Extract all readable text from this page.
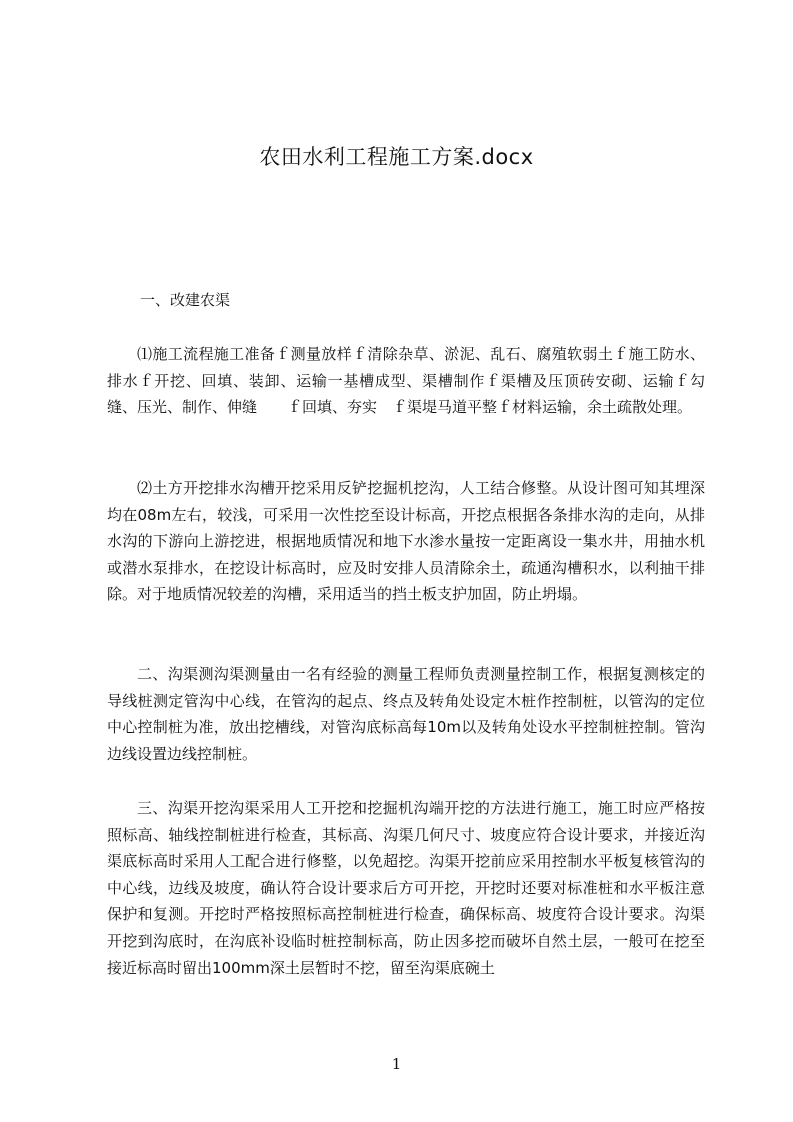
农田水利工程施工方案.docx
一、改建农渠

⑴施工流程施工准备ｆ测量放样ｆ清除杂草、淤泥、乱石、腐殖软弱土ｆ施工防水、排水ｆ开挖、回填、装卸、运输一基槽成型、渠槽制作ｆ渠槽及压顶砖安砌、运输ｆ勾缝、压光、制作、伸缝　　ｆ回填、夯实　ｆ渠堤马道平整ｆ材料运输，余土疏散处理。

⑵土方开挖排水沟槽开挖采用反铲挖掘机挖沟，人工结合修整。从设计图可知其埋深均在08m左右，较浅，可采用一次性挖至设计标高，开挖点根据各条排水沟的走向，从排水沟的下游向上游挖进，根据地质情况和地下水渗水量按一定距离设一集水井，用抽水机或潜水泵排水，在挖设计标高时，应及时安排人员清除余土，疏通沟槽积水，以利抽干排除。对于地质情况较差的沟槽，采用适当的挡土板支护加固，防止坍塌。

二、沟渠测沟渠测量由一名有经验的测量工程师负责测量控制工作，根据复测核定的导线桩测定管沟中心线，在管沟的起点、终点及转角处设定木桩作控制桩，以管沟的定位中心控制桩为准，放出挖槽线，对管沟底标高每10m以及转角处设水平控制桩控制。管沟边线设置边线控制桩。

三、沟渠开挖沟渠采用人工开挖和挖掘机沟端开挖的方法进行施工，施工时应严格按照标高、轴线控制桩进行检查，其标高、沟渠几何尺寸、坡度应符合设计要求，并接近沟渠底标高时采用人工配合进行修整，以免超挖。沟渠开挖前应采用控制水平板复核管沟的中心线，边线及坡度，确认符合设计要求后方可开挖，开挖时还要对标准桩和水平板注意保护和复测。开挖时严格按照标高控制桩进行检查，确保标高、坡度符合设计要求。沟渠开挖到沟底时，在沟底补设临时桩控制标高，防止因多挖而破坏自然土层，一般可在挖至接近标高时留出100mm深土层暂时不挖，留至沟渠底碗土

1
